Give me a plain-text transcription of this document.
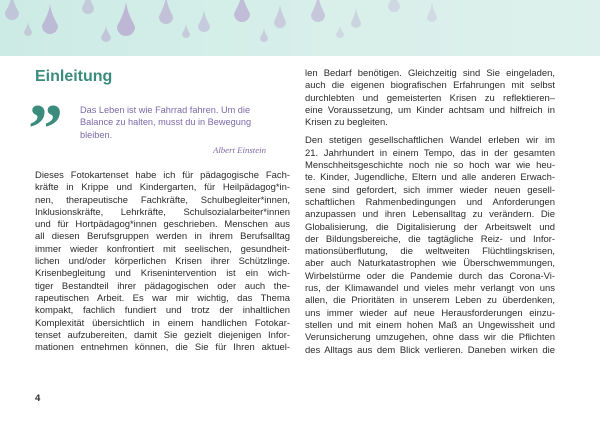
Einleitung
” Das Leben ist wie Fahrrad fahren. Um die Balance zu halten, musst du in Bewegung bleiben.

Albert Einstein
Dieses Fotokartenset habe ich für pädagogische Fach-
kräfte in Krippe und Kindergarten, für Heilpädagog*in-
nen, therapeutische Fachkräfte, Schulbegleiter*innen,
Inklusionskräfte, Lehrkräfte, Schulsozialarbeiter*innen
und für Hortpädagog*innen geschrieben. Menschen aus
all diesen Berufsgruppen werden in ihrem Berufsalltag
immer wieder konfrontiert mit seelischen, gesundheit-
lichen und/oder körperlichen Krisen ihrer Schützlinge.
Krisenbegleitung und Krisenintervention ist ein wich-
tiger Bestandteil ihrer pädagogischen oder auch the-
rapeutischen Arbeit. Es war mir wichtig, das Thema
kompakt, fachlich fundiert und trotz der inhaltlichen
Komplexität übersichtlich in einem handlichen Fotokar-
tenset aufzubereiten, damit Sie gezielt diejenigen Infor-
mationen entnehmen können, die Sie für Ihren aktuel-
len Bedarf benötigen. Gleichzeitig sind Sie eingeladen,
auch die eigenen biografischen Erfahrungen mit selbst
durchlebten und gemeisterten Krisen zu reflektieren–
eine Voraussetzung, um Kinder achtsam und hilfreich in
Krisen zu begleiten.
Den stetigen gesellschaftlichen Wandel erleben wir im
21. Jahrhundert in einem Tempo, das in der gesamten
Menschheitsgeschichte noch nie so hoch war wie heu-
te. Kinder, Jugendliche, Eltern und alle anderen Erwach-
sene sind gefordert, sich immer wieder neuen gesell-
schaftlichen Rahmenbedingungen und Anforderungen
anzupassen und ihren Lebensalltag zu verändern. Die
Globalisierung, die Digitalisierung der Arbeitswelt und
der Bildungsbereiche, die tagtägliche Reiz- und Infor-
mationsüberflutung, die weltweiten Flüchtlingskrisen,
aber auch Naturkatastrophen wie Überschwemmungen,
Wirbelstürme oder die Pandemie durch das Corona-Vi-
rus, der Klimawandel und vieles mehr verlangt von uns
allen, die Prioritäten in unserem Leben zu überdenken,
uns immer wieder auf neue Herausforderungen einzu-
stellen und mit einem hohen Maß an Ungewissheit und
Verunsicherung umzugehen, ohne dass wir die Pflichten
des Alltags aus dem Blick verlieren. Daneben wirken die
4
